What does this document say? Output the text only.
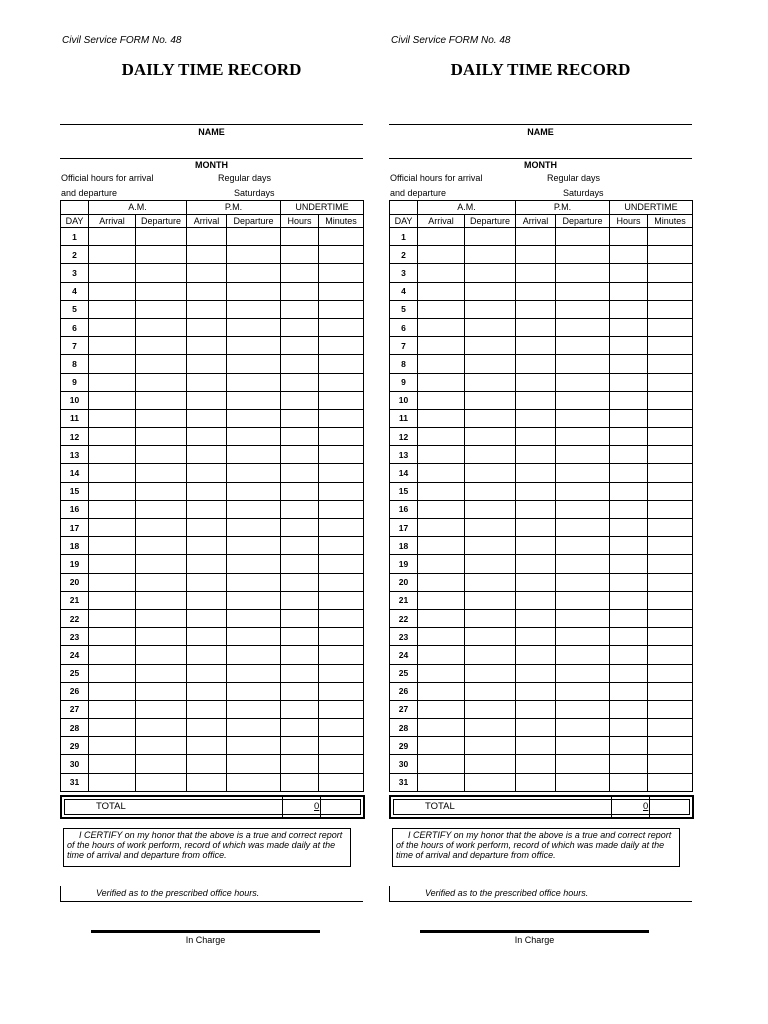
Civil Service FORM No. 48
DAILY TIME RECORD
NAME
MONTH
Official hours for arrival
and departure
Regular days
Saturdays
	A.M.		P.M.		UNDERTIME	
DAY	Arrival	Departure	Arrival	Departure	Hours	Minutes
1						
2						
3						
4						
5						
6						
7						
8						
9						
10						
11						
12						
13						
14						
15						
16						
17						
18						
19						
20						
21						
22						
23						
24						
25						
26						
27						
28						
29						
30						
31						
TOTAL	0
I CERTIFY on my honor that the above is a true and correct report of the hours of work perform, record of which was made daily at the time of arrival and departure from office.
Verified as to the prescribed office hours.
In Charge
Civil Service FORM No. 48
DAILY TIME RECORD
NAME
MONTH
Official hours for arrival
and departure
Regular days
Saturdays
	A.M.		P.M.		UNDERTIME	
DAY	Arrival	Departure	Arrival	Departure	Hours	Minutes
1						
2						
3						
4						
5						
6						
7						
8						
9						
10						
11						
12						
13						
14						
15						
16						
17						
18						
19						
20						
21						
22						
23						
24						
25						
26						
27						
28						
29						
30						
31						
TOTAL	0
I CERTIFY on my honor that the above is a true and correct report of the hours of work perform, record of which was made daily at the time of arrival and departure from office.
Verified as to the prescribed office hours.
In Charge
